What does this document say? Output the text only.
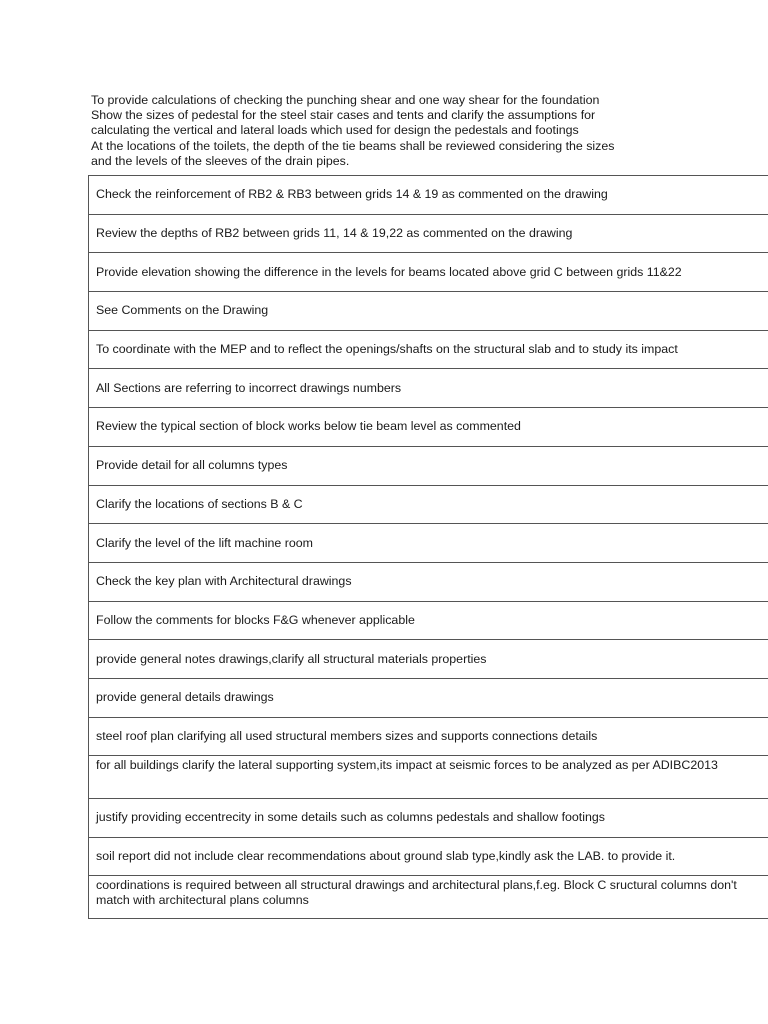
To provide calculations of checking the punching shear and one way shear for the foundation
Show the sizes of pedestal for the steel stair cases and tents and clarify the assumptions for
calculating the vertical and lateral loads which used for design the pedestals and footings
At the locations of the toilets, the depth of the tie beams shall be reviewed considering the sizes
and the levels of the sleeves of the drain pipes.
Check the reinforcement of RB2 & RB3 between grids 14 & 19 as commented on the drawing
Review the depths of RB2 between grids 11, 14 & 19,22 as commented on the drawing
Provide elevation showing the difference in the levels for beams located above grid C between grids 11&22
See Comments on the Drawing
To coordinate with the MEP and to reflect the openings/shafts on the structural slab and to study its impact
All Sections are referring to incorrect drawings numbers
Review the typical section of block works below tie beam level as commented
Provide detail for all columns types
Clarify the locations of sections B & C
Clarify the level of the lift machine room
Check the key plan with Architectural drawings
Follow the comments for blocks F&G whenever applicable
provide general notes drawings,clarify all structural materials properties
provide general details drawings
steel roof plan clarifying all used structural members sizes and supports connections details
for all buildings clarify the lateral supporting system,its impact at seismic forces to be analyzed as per ADIBC2013
justify providing eccentrecity in some details such as columns pedestals and shallow footings
soil report did not include clear recommendations about ground slab type,kindly ask the LAB. to provide it.
coordinations is required between all structural drawings and architectural plans,f.eg. Block C sructural columns don't match with architectural plans columns
